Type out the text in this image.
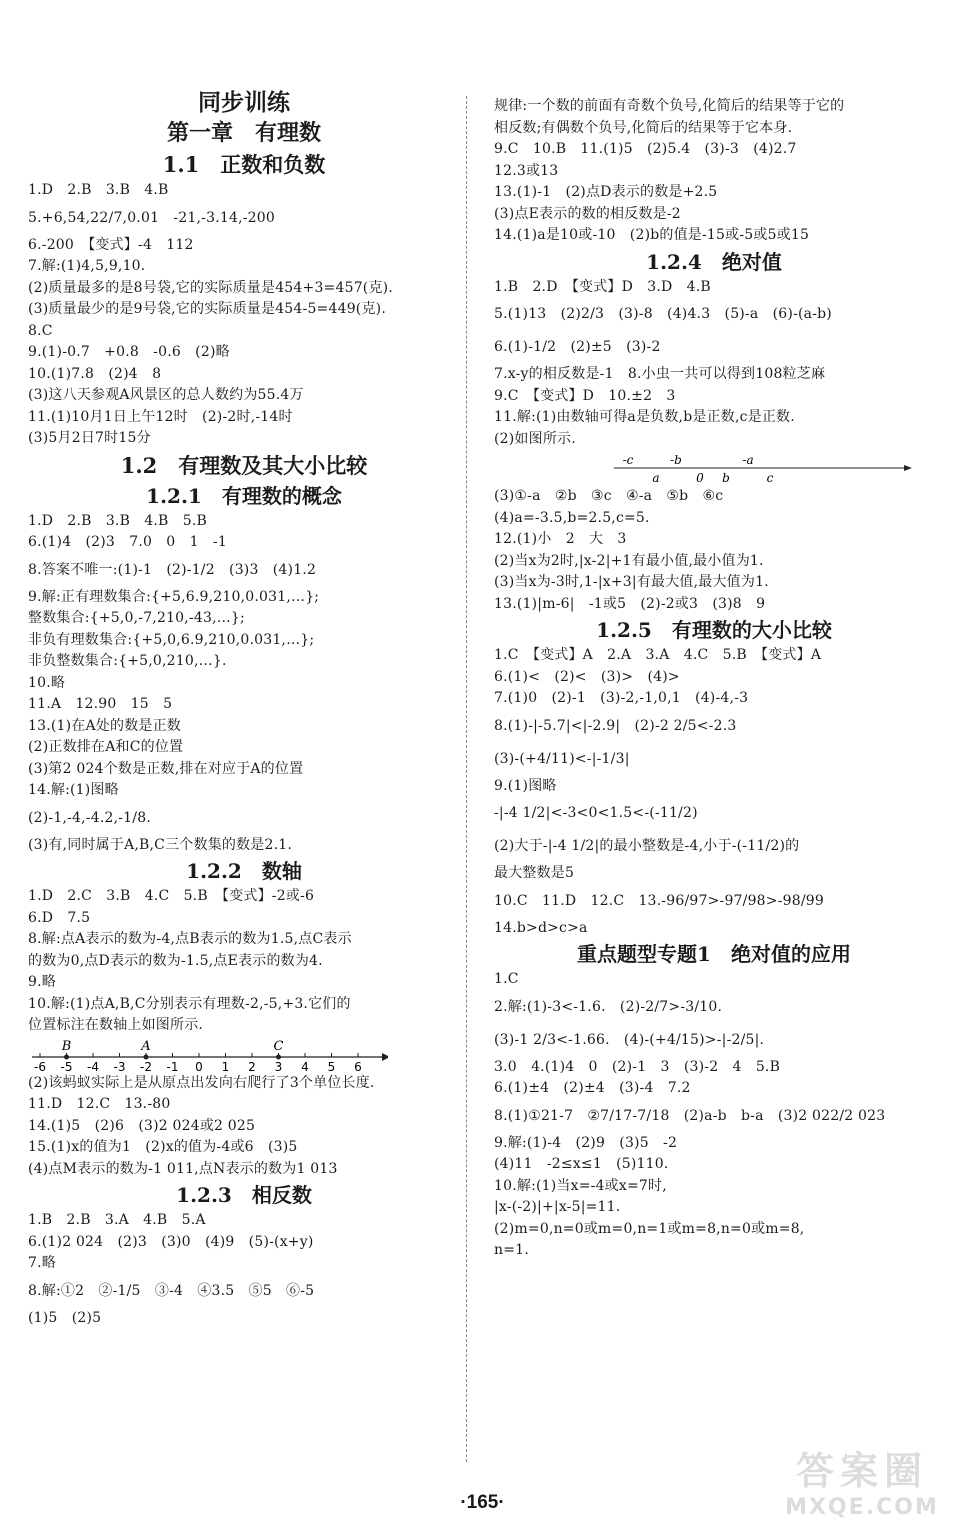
同步训练
第一章　有理数
1.1　正数和负数
1.D　2.B　3.B　4.B
5.+6,54,22/7,0.01　-21,-3.14,-200
6.-200　【变式】-4　112
7.解:(1)4,5,9,10.
(2)质量最多的是8号袋,它的实际质量是454+3=457(克).
(3)质量最少的是9号袋,它的实际质量是454-5=449(克).
8.C
9.(1)-0.7　+0.8　-0.6　(2)略
10.(1)7.8　(2)4　8
(3)这八天参观A风景区的总人数约为55.4万
11.(1)10月1日上午12时　(2)-2时,-14时
(3)5月2日7时15分
1.2　有理数及其大小比较
1.2.1　有理数的概念
1.D　2.B　3.B　4.B　5.B
6.(1)4　(2)3　7.0　0　1　-1
8.答案不唯一:(1)-1　(2)-1/2　(3)3　(4)1.2
9.解:正有理数集合:{+5,6.9,210,0.031,…};
整数集合:{+5,0,-7,210,-43,…};
非负有理数集合:{+5,0,6.9,210,0.031,…};
非负整数集合:{+5,0,210,…}.
10.略
11.A　12.90　15　5
13.(1)在A处的数是正数
(2)正数排在A和C的位置
(3)第2 024个数是正数,排在对应于A的位置
14.解:(1)图略
(2)-1,-4,-4.2,-1/8.
(3)有,同时属于A,B,C三个数集的数是2.1.
1.2.2　数轴
1.D　2.C　3.B　4.C　5.B　【变式】-2或-6
6.D　7.5
8.解:点A表示的数为-4,点B表示的数为1.5,点C表示
的数为0,点D表示的数为-1.5,点E表示的数为4.
9.略
10.解:(1)点A,B,C分别表示有理数-2,-5,+3.它们的
位置标注在数轴上如图所示.
-6 -5 -4 -3 -2 -1 0 1 2 3 4 5 6
B	A	C
(2)该蚂蚁实际上是从原点出发向右爬行了3个单位长度.
11.D　12.C　13.-80
14.(1)5　(2)6　(3)2 024或2 025
15.(1)x的值为1　(2)x的值为-4或6　(3)5
(4)点M表示的数为-1 011,点N表示的数为1 013
1.2.3　相反数
1.B　2.B　3.A　4.B　5.A
6.(1)2 024　(2)3　(3)0　(4)9　(5)-(x+y)
7.略
8.解:①2　②-1/5　③-4　④3.5　⑤5　⑥-5
(1)5　(2)5
规律:一个数的前面有奇数个负号,化简后的结果等于它的
相反数;有偶数个负号,化简后的结果等于它本身.
9.C　10.B　11.(1)5　(2)5.4　(3)-3　(4)2.7
12.3或13
13.(1)-1　(2)点D表示的数是+2.5
(3)点E表示的数的相反数是-2
14.(1)a是10或-10　(2)b的值是-15或-5或5或15
1.2.4　绝对值
1.B　2.D　【变式】D　3.D　4.B
5.(1)13　(2)2/3　(3)-8　(4)4.3　(5)-a　(6)-(a-b)
6.(1)-1/2　(2)±5　(3)-2
7.x-y的相反数是-1　8.小虫一共可以得到108粒芝麻
9.C　【变式】D　10.±2　3
11.解:(1)由数轴可得a是负数,b是正数,c是正数.
(2)如图所示.
-c	-b	-a
a	0 b	c
(3)①-a　②b　③c　④-a　⑤b　⑥c
(4)a=-3.5,b=2.5,c=5.
12.(1)小　2　大　3
(2)当x为2时,|x-2|+1有最小值,最小值为1.
(3)当x为-3时,1-|x+3|有最大值,最大值为1.
13.(1)|m-6|　-1或5　(2)-2或3　(3)8　9
1.2.5　有理数的大小比较
1.C　【变式】A　2.A　3.A　4.C　5.B　【变式】A
6.(1)<　(2)<　(3)>　(4)>
7.(1)0　(2)-1　(3)-2,-1,0,1　(4)-4,-3
8.(1)-|-5.7|<|-2.9|　(2)-2 2/5<-2.3
(3)-(+4/11)<-|-1/3|
9.(1)图略
-|-4 1/2|<-3<0<1.5<-(-11/2)
(2)大于-|-4 1/2|的最小整数是-4,小于-(-11/2)的
最大整数是5
10.C　11.D　12.C　13.-96/97>-97/98>-98/99
14.b>d>c>a
重点题型专题1　绝对值的应用
1.C
2.解:(1)-3<-1.6.　(2)-2/7>-3/10.
(3)-1 2/3<-1.66.　(4)-(+4/15)>-|-2/5|.
3.0　4.(1)4　0　(2)-1　3　(3)-2　4　5.B
6.(1)±4　(2)±4　(3)-4　7.2
8.(1)①21-7　②7/17-7/18　(2)a-b　b-a　(3)2 022/2 023
9.解:(1)-4　(2)9　(3)5　-2
(4)11　-2≤x≤1　(5)110.
10.解:(1)当x=-4或x=7时,
|x-(-2)|+|x-5|=11.
(2)m=0,n=0或m=0,n=1或m=8,n=0或m=8,
n=1.
·165·
答案圈
MXQE.COM
